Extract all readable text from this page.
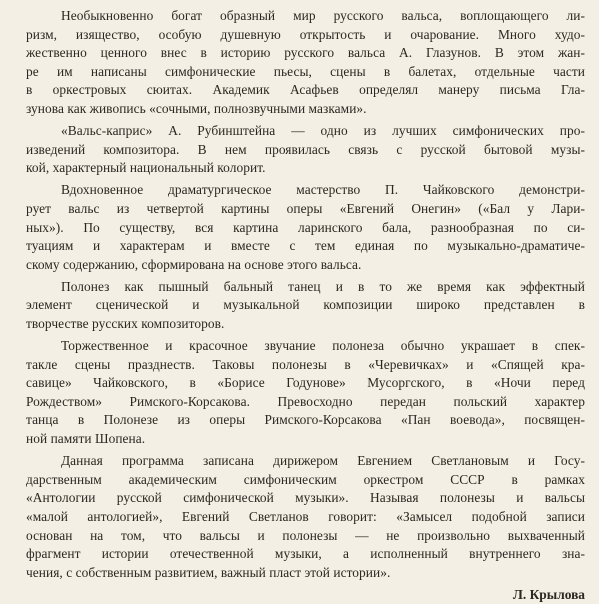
Необыкновенно богат образный мир русского вальса, воплощающего ли-
ризм, изящество, особую душевную открытость и очарование. Много худо-
жественно ценного внес в историю русского вальса А. Глазунов. В этом жан-
ре им написаны симфонические пьесы, сцены в балетах, отдельные части
в оркестровых сюитах. Академик Асафьев определял манеру письма Гла-
зунова как живопись «сочными, полнозвучными мазками».
«Вальс-каприс» А. Рубинштейна — одно из лучших симфонических про-
изведений композитора. В нем проявилась связь с русской бытовой музы-
кой, характерный национальный колорит.
Вдохновенное драматургическое мастерство П. Чайковского демонстри-
рует вальс из четвертой картины оперы «Евгений Онегин» («Бал у Лари-
ных»). По существу, вся картина ларинского бала, разнообразная по си-
туациям и характерам и вместе с тем единая по музыкально-драматиче-
скому содержанию, сформирована на основе этого вальса.
Полонез как пышный бальный танец и в то же время как эффектный
элемент сценической и музыкальной композиции широко представлен в
творчестве русских композиторов.
Торжественное и красочное звучание полонеза обычно украшает в спек-
такле сцены празднеств. Таковы полонезы в «Черевичках» и «Спящей кра-
савице» Чайковского, в «Борисе Годунове» Мусоргского, в «Ночи перед
Рождеством» Римского-Корсакова. Превосходно передан польский характер
танца в Полонезе из оперы Римского-Корсакова «Пан воевода», посвящен-
ной памяти Шопена.
Данная программа записана дирижером Евгением Светлановым и Госу-
дарственным академическим симфоническим оркестром СССР в рамках
«Антологии русской симфонической музыки». Называя полонезы и вальсы
«малой антологией», Евгений Светланов говорит: «Замысел подобной записи
основан на том, что вальсы и полонезы — не произвольно выхваченный
фрагмент истории отечественной музыки, а исполненный внутреннего зна-
чения, с собственным развитием, важный пласт этой истории».
Л. Крылова
